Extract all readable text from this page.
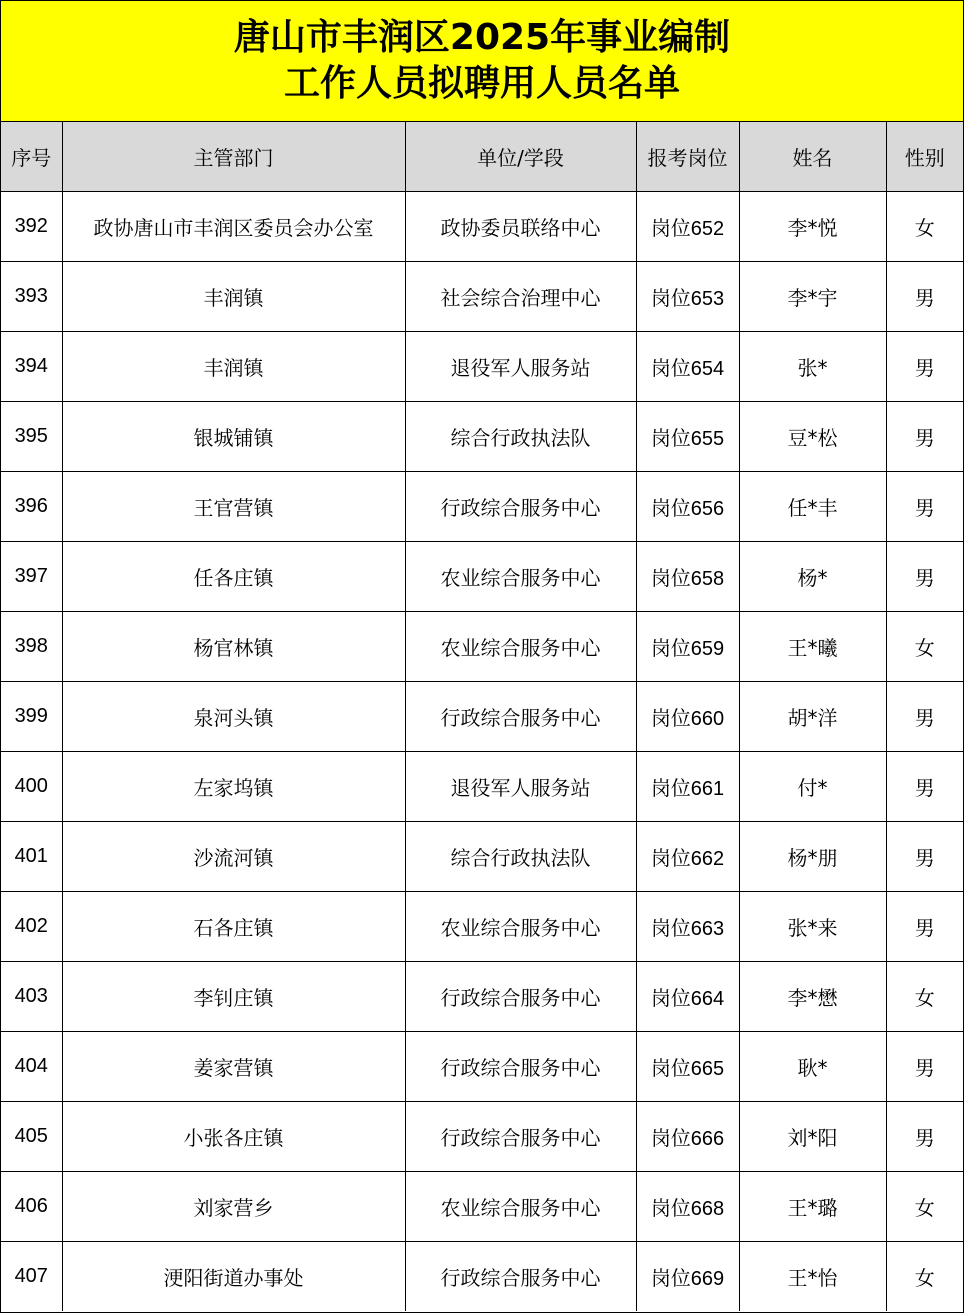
唐山市丰润区2025年事业编制
工作人员拟聘用人员名单
序号	主管部门	单位/学段	报考岗位	姓名	性别
392	政协唐山市丰润区委员会办公室	政协委员联络中心	岗位652	李*悦	女
393	丰润镇	社会综合治理中心	岗位653	李*宇	男
394	丰润镇	退役军人服务站	岗位654	张*	男
395	银城铺镇	综合行政执法队	岗位655	豆*松	男
396	王官营镇	行政综合服务中心	岗位656	任*丰	男
397	任各庄镇	农业综合服务中心	岗位658	杨*	男
398	杨官林镇	农业综合服务中心	岗位659	王*曦	女
399	泉河头镇	行政综合服务中心	岗位660	胡*洋	男
400	左家坞镇	退役军人服务站	岗位661	付*	男
401	沙流河镇	综合行政执法队	岗位662	杨*朋	男
402	石各庄镇	农业综合服务中心	岗位663	张*来	男
403	李钊庄镇	行政综合服务中心	岗位664	李*懋	女
404	姜家营镇	行政综合服务中心	岗位665	耿*	男
405	小张各庄镇	行政综合服务中心	岗位666	刘*阳	男
406	刘家营乡	农业综合服务中心	岗位668	王*璐	女
407	浭阳街道办事处	行政综合服务中心	岗位669	王*怡	女
